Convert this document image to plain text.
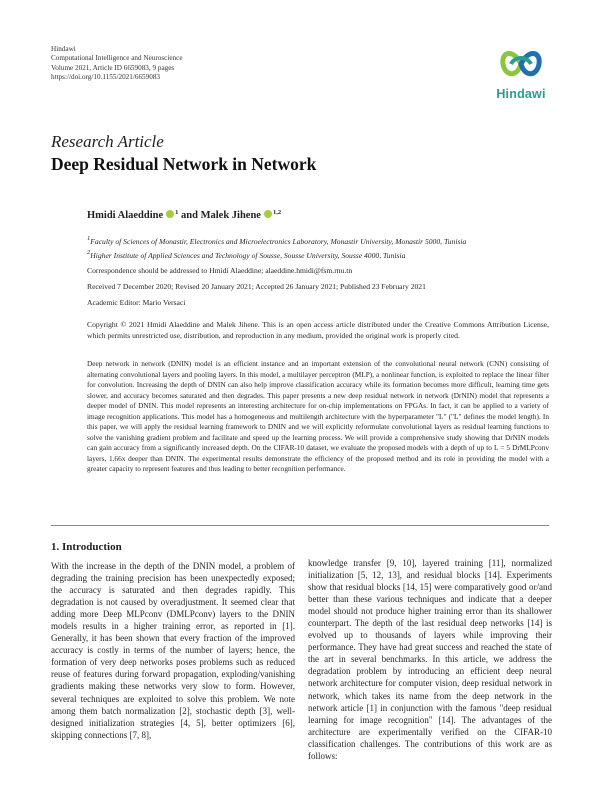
Hindawi
Computational Intelligence and Neuroscience
Volume 2021, Article ID 6659083, 9 pages
https://doi.org/10.1155/2021/6659083
Hindawi
Research Article
Deep Residual Network in Network
Hmidi Alaeddine $^1$ and Malek Jihene $^{1,2}$
1Faculty of Sciences of Monastir, Electronics and Microelectronics Laboratory, Monastir University, Monastir 5000, Tunisia
2Higher Institute of Applied Sciences and Technology of Sousse, Sousse University, Sousse 4000, Tunisia
Correspondence should be addressed to Hmidi Alaeddine; alaeddine.hmidi@fsm.rnu.tn
Received 7 December 2020; Revised 20 January 2021; Accepted 26 January 2021; Published 23 February 2021
Academic Editor: Mario Versaci
Copyright © 2021 Hmidi Alaeddine and Malek Jihene. This is an open access article distributed under the Creative Commons Attribution License, which permits unrestricted use, distribution, and reproduction in any medium, provided the original work is properly cited.
Deep network in network (DNIN) model is an efficient instance and an important extension of the convolutional neural network (CNN) consisting of alternating convolutional layers and pooling layers. In this model, a multilayer perceptron (MLP), a nonlinear function, is exploited to replace the linear filter for convolution. Increasing the depth of DNIN can also help improve classification accuracy while its formation becomes more difficult, learning time gets slower, and accuracy becomes saturated and then degrades. This paper presents a new deep residual network in network (DrNIN) model that represents a deeper model of DNIN. This model represents an interesting architecture for on-chip implementations on FPGAs. In fact, it can be applied to a variety of image recognition applications. This model has a homogeneous and multilength architecture with the hyperparameter "L" ("L" defines the model length). In this paper, we will apply the residual learning framework to DNIN and we will explicitly reformulate convolutional layers as residual learning functions to solve the vanishing gradient problem and facilitate and speed up the learning process. We will provide a comprehensive study showing that DrNIN models can gain accuracy from a significantly increased depth. On the CIFAR-10 dataset, we evaluate the proposed models with a depth of up to L = 5 DrMLPconv layers, 1.66x deeper than DNIN. The experimental results demonstrate the efficiency of the proposed method and its role in providing the model with a greater capacity to represent features and thus leading to better recognition performance.
1. Introduction
With the increase in the depth of the DNIN model, a problem of degrading the training precision has been unexpectedly exposed; the accuracy is saturated and then degrades rapidly. This degradation is not caused by overadjustment. It seemed clear that adding more Deep MLPconv (DMLPconv) layers to the DNIN models results in a higher training error, as reported in [1]. Generally, it has been shown that every fraction of the improved accuracy is costly in terms of the number of layers; hence, the formation of very deep networks poses problems such as reduced reuse of features during forward propagation, exploding/vanishing gradients making these networks very slow to form. However, several techniques are exploited to solve this problem. We note among them batch normalization [2], stochastic depth [3], well-designed initialization strategies [4, 5], better optimizers [6], skipping connections [7, 8],
knowledge transfer [9, 10], layered training [11], normalized initialization [5, 12, 13], and residual blocks [14]. Experiments show that residual blocks [14, 15] were comparatively good or/and better than these various techniques and indicate that a deeper model should not produce higher training error than its shallower counterpart. The depth of the last residual deep networks [14] is evolved up to thousands of layers while improving their performance. They have had great success and reached the state of the art in several benchmarks. In this article, we address the degradation problem by introducing an efficient deep neural network architecture for computer vision, deep residual network in network, which takes its name from the deep network in the network article [1] in conjunction with the famous "deep residual learning for image recognition" [14]. The advantages of the architecture are experimentally verified on the CIFAR-10 classification challenges. The contributions of this work are as follows:
